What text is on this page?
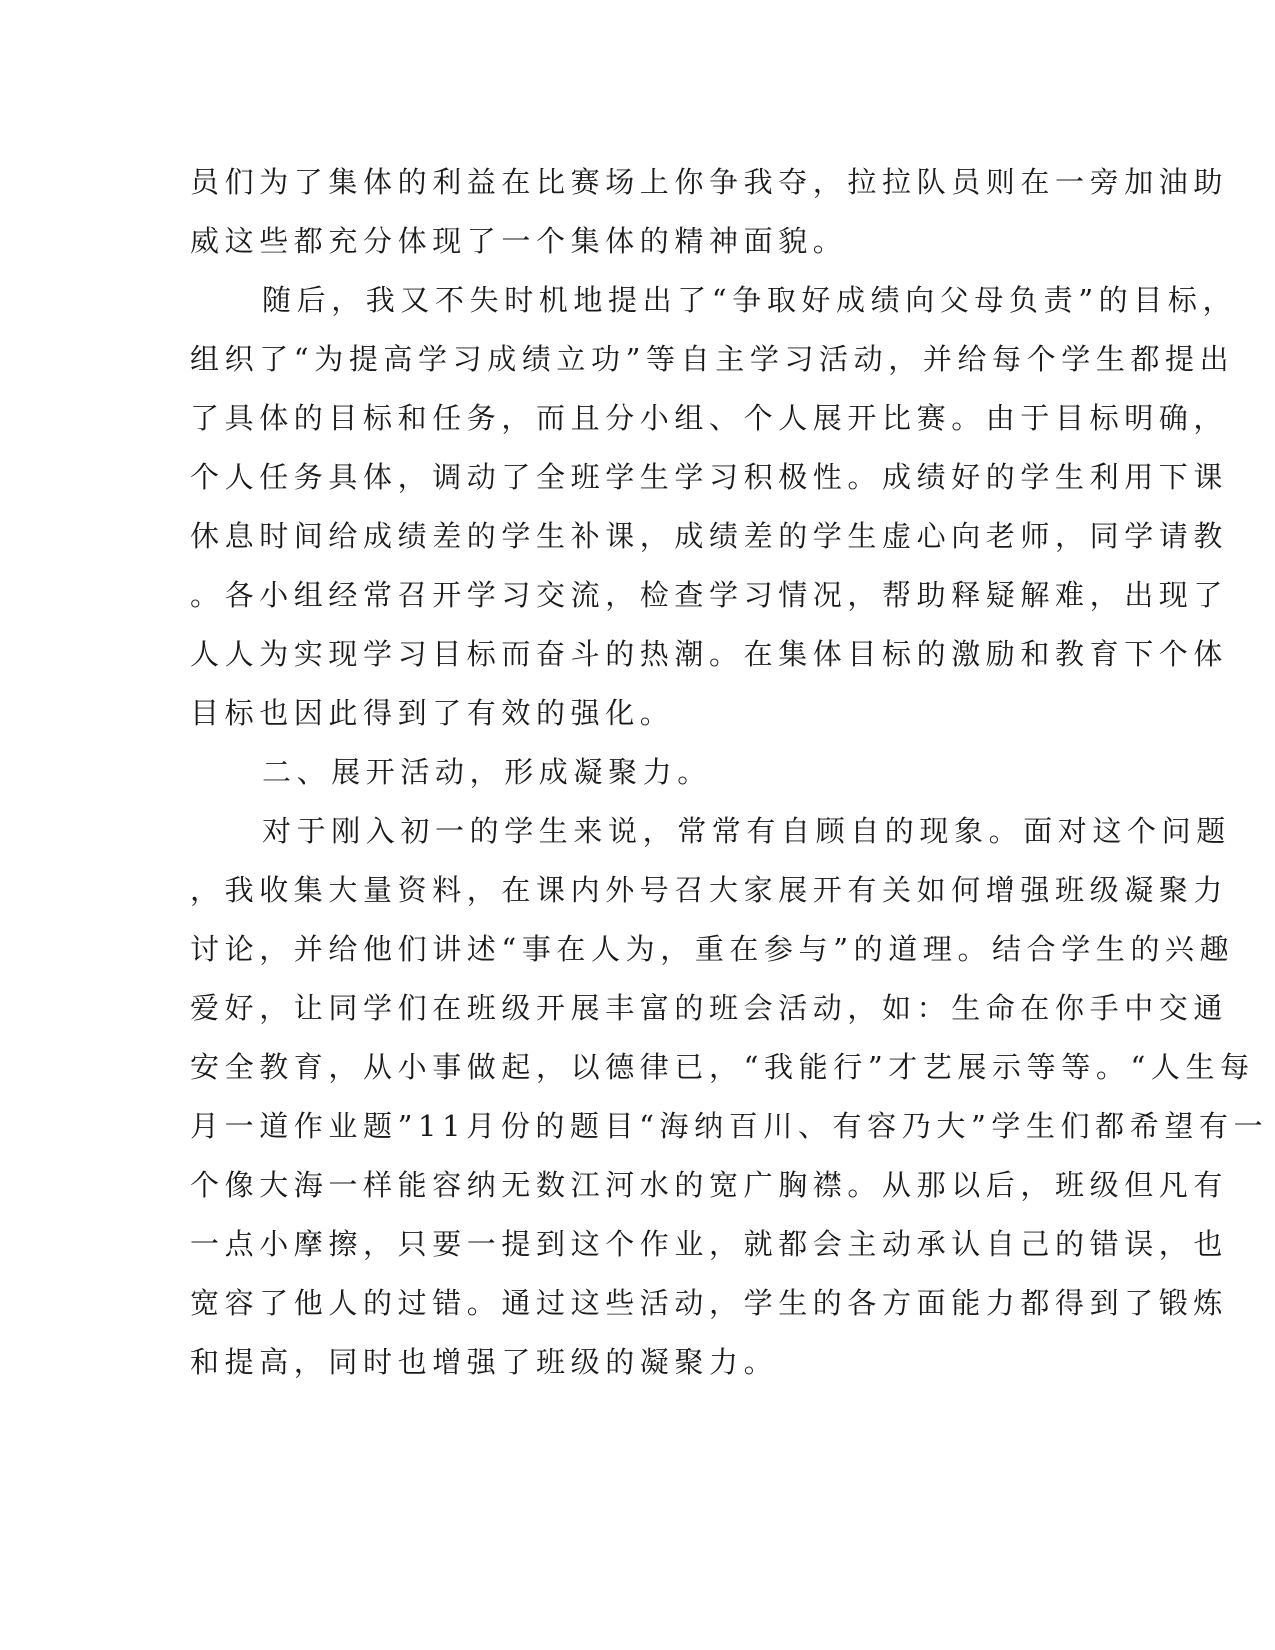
员们为了集体的利益在比赛场上你争我夺，拉拉队员则在一旁加油助
威这些都充分体现了一个集体的精神面貌。
随后，我又不失时机地提出了“争取好成绩向父母负责”的目标，
组织了“为提高学习成绩立功”等自主学习活动，并给每个学生都提出
了具体的目标和任务，而且分小组、个人展开比赛。由于目标明确，
个人任务具体，调动了全班学生学习积极性。成绩好的学生利用下课
休息时间给成绩差的学生补课，成绩差的学生虚心向老师，同学请教
。各小组经常召开学习交流，检查学习情况，帮助释疑解难，出现了
人人为实现学习目标而奋斗的热潮。在集体目标的激励和教育下个体
目标也因此得到了有效的强化。
二、展开活动，形成凝聚力。
对于刚入初一的学生来说，常常有自顾自的现象。面对这个问题
，我收集大量资料，在课内外号召大家展开有关如何增强班级凝聚力
讨论，并给他们讲述“事在人为，重在参与”的道理。结合学生的兴趣
爱好，让同学们在班级开展丰富的班会活动，如：生命在你手中交通
安全教育，从小事做起，以德律已，“我能行”才艺展示等等。“人生每
月一道作业题”11月份的题目“海纳百川、有容乃大”学生们都希望有一
个像大海一样能容纳无数江河水的宽广胸襟。从那以后，班级但凡有
一点小摩擦，只要一提到这个作业，就都会主动承认自己的错误，也
宽容了他人的过错。通过这些活动，学生的各方面能力都得到了锻炼
和提高，同时也增强了班级的凝聚力。
